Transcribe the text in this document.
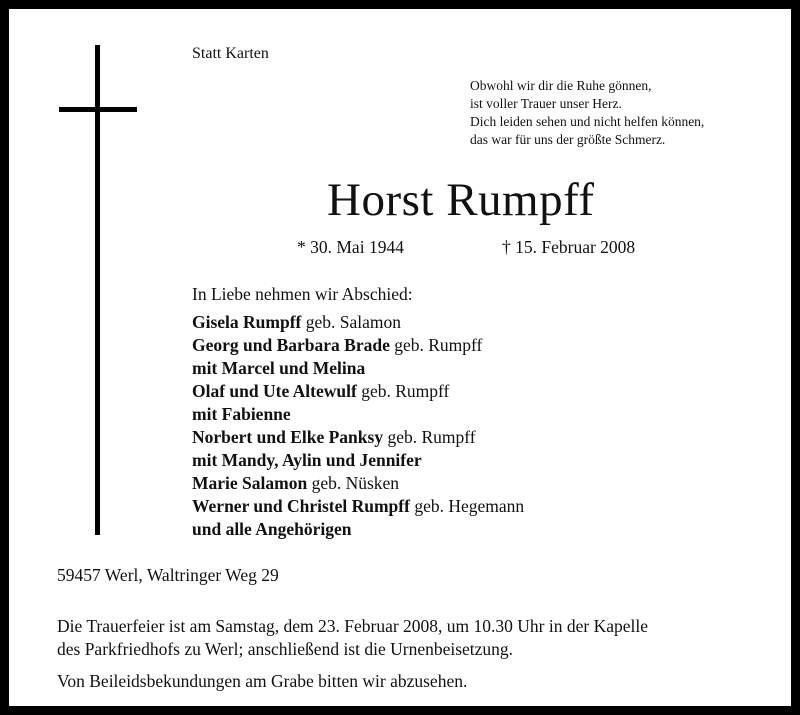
Statt Karten
Obwohl wir dir die Ruhe gönnen,
ist voller Trauer unser Herz.
Dich leiden sehen und nicht helfen können,
das war für uns der größte Schmerz.
Horst Rumpff
* 30. Mai 1944	† 15. Februar 2008
In Liebe nehmen wir Abschied:
Gisela Rumpff geb. Salamon
Georg und Barbara Brade geb. Rumpff
mit Marcel und Melina
Olaf und Ute Altewulf geb. Rumpff
mit Fabienne
Norbert und Elke Panksy geb. Rumpff
mit Mandy, Aylin und Jennifer
Marie Salamon geb. Nüsken
Werner und Christel Rumpff geb. Hegemann
und alle Angehörigen
59457 Werl, Waltringer Weg 29
Die Trauerfeier ist am Samstag, dem 23. Februar 2008, um 10.30 Uhr in der Kapelle
des Parkfriedhofs zu Werl; anschließend ist die Urnenbeisetzung.
Von Beileidsbekundungen am Grabe bitten wir abzusehen.
